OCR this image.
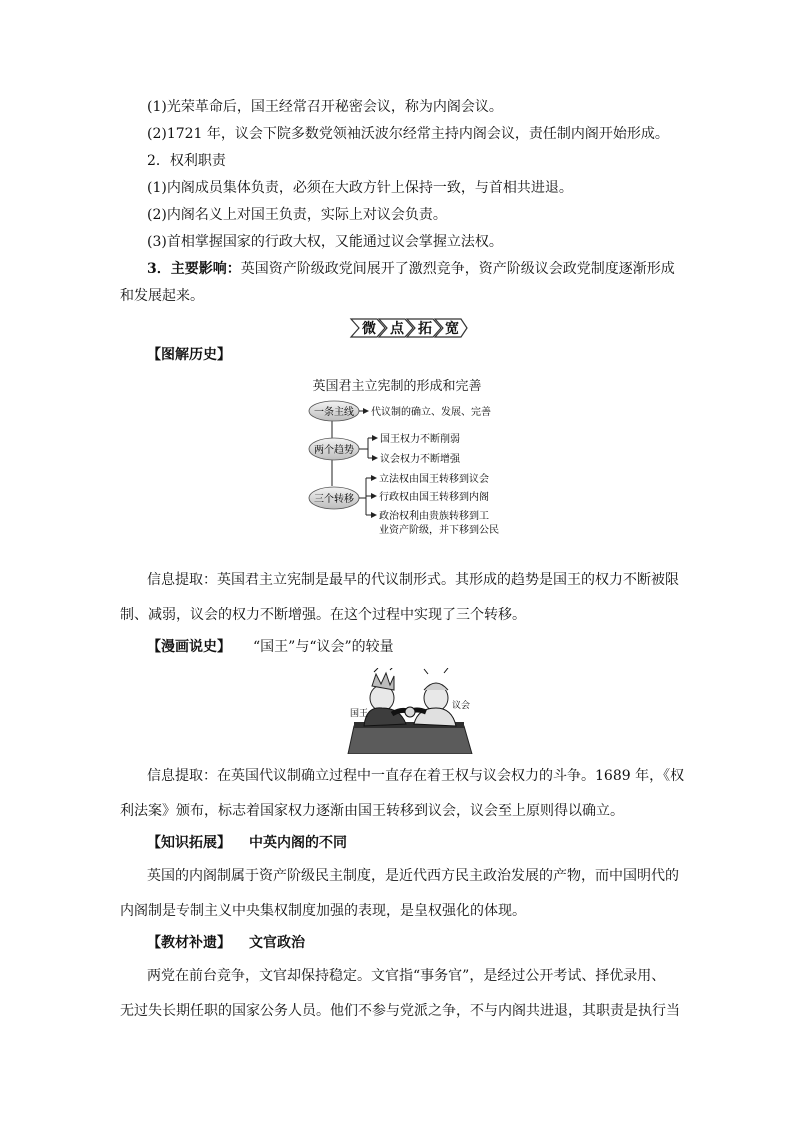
(1)光荣革命后，国王经常召开秘密会议，称为内阁会议。
(2)1721 年，议会下院多数党领袖沃波尔经常主持内阁会议，责任制内阁开始形成。
2．权利职责
(1)内阁成员集体负责，必须在大政方针上保持一致，与首相共进退。
(2)内阁名义上对国王负责，实际上对议会负责。
(3)首相掌握国家的行政大权，又能通过议会掌握立法权。
3．主要影响：英国资产阶级政党间展开了激烈竞争，资产阶级议会政党制度逐渐形成
和发展起来。
微 点 拓 宽
【图解历史】
英国君主立宪制的形成和完善
一条主线 代议制的确立、发展、完善
两个趋势
国王权力不断削弱
议会权力不断增强
三个转移
立法权由国王转移到议会
行政权由国王转移到内阁
政治权利由贵族转移到工
业资产阶级，并下移到公民
信息提取：英国君主立宪制是最早的代议制形式。其形成的趋势是国王的权力不断被限
制、减弱，议会的权力不断增强。在这个过程中实现了三个转移。
【漫画说史】 “国王”与“议会”的较量
国王
议会
信息提取：在英国代议制确立过程中一直存在着王权与议会权力的斗争。1689 年，《权
利法案》颁布，标志着国家权力逐渐由国王转移到议会，议会至上原则得以确立。
【知识拓展】 中英内阁的不同
英国的内阁制属于资产阶级民主制度，是近代西方民主政治发展的产物，而中国明代的
内阁制是专制主义中央集权制度加强的表现，是皇权强化的体现。
【教材补遗】 文官政治
两党在前台竞争，文官却保持稳定。文官指“事务官”，是经过公开考试、择优录用、
无过失长期任职的国家公务人员。他们不参与党派之争，不与内阁共进退，其职责是执行当
